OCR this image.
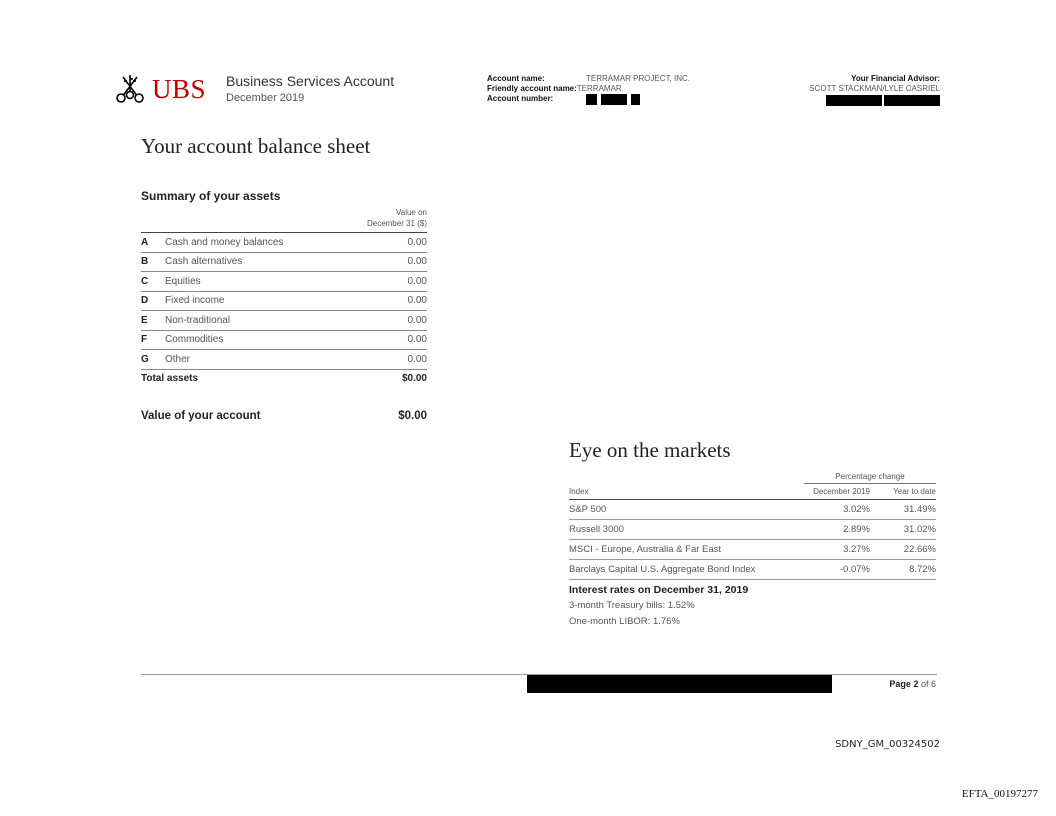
UBS Business Services Account
December 2019
Account name:	TERRAMAR PROJECT, INC.
Friendly account name: TERRAMAR
Account number:
Your Financial Advisor:
SCOTT STACKMAN/LYLE CASRIEL
Your account balance sheet
Summary of your assets
Value on
December 31 ($)
A	Cash and money balances	0.00
B	Cash alternatives	0.00
C	Equities	0.00
D	Fixed income	0.00
E	Non-traditional	0.00
F	Commodities	0.00
G	Other	0.00
Total assets	$0.00
Value of your account	$0.00
Eye on the markets
Percentage change
Index	December 2019	Year to date
S&P 500	3.02%	31.49%
Russell 3000	2.89%	31.02%
MSCI - Europe, Australia & Far East	3.27%	22.66%
Barclays Capital U.S. Aggregate Bond Index	-0.07%	8.72%
Interest rates on December 31, 2019
3-month Treasury bills: 1.52%
One-month LIBOR: 1.76%
Page 2 of 6
SDNY_GM_00324502
EFTA_00197277
